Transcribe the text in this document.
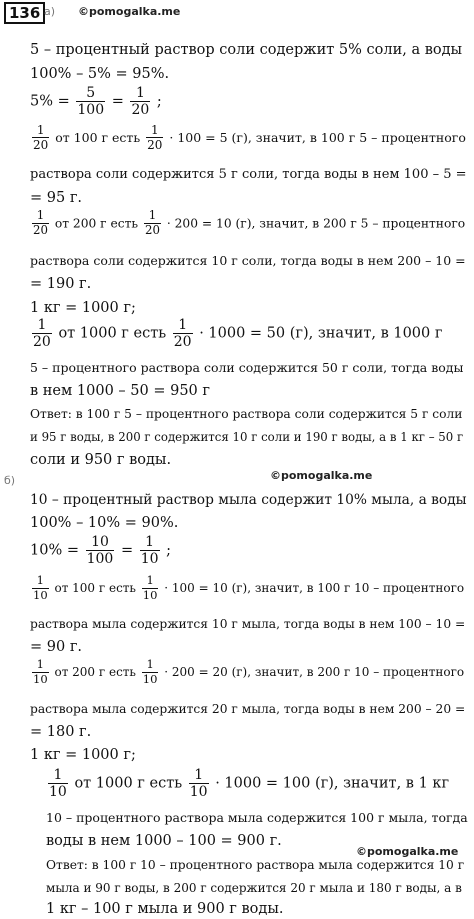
136 a) ©pomogalka.me
5 – процентный раствор соли содержит 5% соли, а воды
100% – 5% = 95%.
$5\% = \frac{5}{100} = \frac{1}{20}$ ;
$\frac{1}{20}$ от 100 г есть $\frac{1}{20} \cdot 100 = 5$ (г), значит, в 100 г 5 – процентного
раствора соли содержится 5 г соли, тогда воды в нем 100 – 5 =
= 95 г.
$\frac{1}{20}$ от 200 г есть $\frac{1}{20} \cdot 200 = 10$ (г), значит, в 200 г 5 – процентного
раствора соли содержится 10 г соли, тогда воды в нем 200 – 10 =
= 190 г.
1 кг = 1000 г;
$\frac{1}{20}$ от 1000 г есть $\frac{1}{20} \cdot 1000 = 50$ (г), значит, в 1000 г
5 – процентного раствора соли содержится 50 г соли, тогда воды
в нем 1000 – 50 = 950 г
Ответ: в 100 г 5 – процентного раствора соли содержится 5 г соли
и 95 г воды, в 200 г содержится 10 г соли и 190 г воды, а в 1 кг – 50 г
соли и 950 г воды.
©pomogalka.me
б)
10 – процентный раствор мыла содержит 10% мыла, а воды
100% – 10% = 90%.
$10\% = \frac{10}{100} = \frac{1}{10}$ ;
$\frac{1}{10}$ от 100 г есть $\frac{1}{10} \cdot 100 = 10$ (г), значит, в 100 г 10 – процентного
раствора мыла содержится 10 г мыла, тогда воды в нем 100 – 10 =
= 90 г.
$\frac{1}{10}$ от 200 г есть $\frac{1}{10} \cdot 200 = 20$ (г), значит, в 200 г 10 – процентного
раствора мыла содержится 20 г мыла, тогда воды в нем 200 – 20 =
= 180 г.
1 кг = 1000 г;
$\frac{1}{10}$ от 1000 г есть $\frac{1}{10} \cdot 1000 = 100$ (г), значит, в 1 кг
10 – процентного раствора мыла содержится 100 г мыла, тогда
воды в нем 1000 – 100 = 900 г.
©pomogalka.me
Ответ: в 100 г 10 – процентного раствора мыла содержится 10 г
мыла и 90 г воды, в 200 г содержится 20 г мыла и 180 г воды, а в
1 кг – 100 г мыла и 900 г воды.
